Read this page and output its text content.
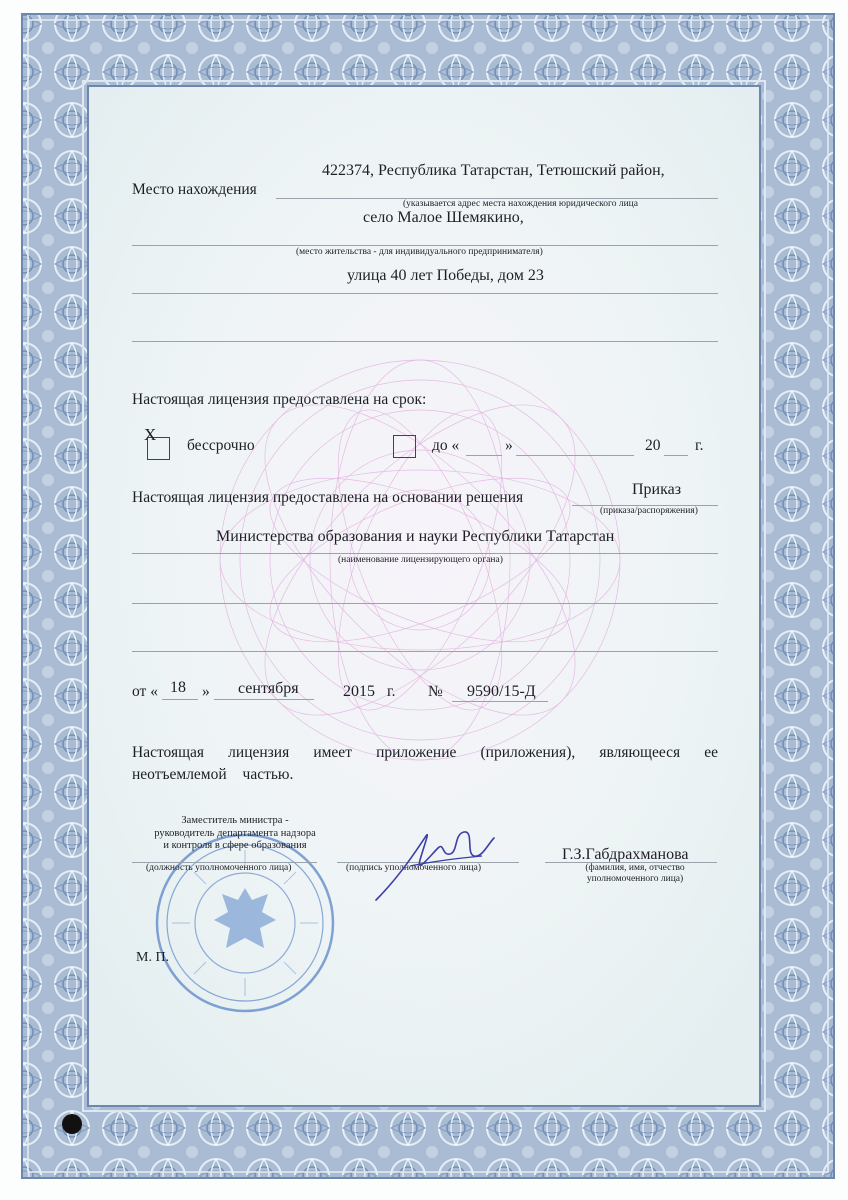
Место нахождения
422374, Республика Татарстан, Тетюшский район,
(указывается адрес места нахождения юридического лица
село Малое Шемякино,
(место жительства - для индивидуального предпринимателя)
улица 40 лет Победы, дом 23
Настоящая лицензия предоставлена на срок:
X
бессрочно	до «	»	20 г.
Настоящая лицензия предоставлена на основании решения	Приказ
(приказа/распоряжения)
Министерства образования и науки Республики Татарстан
(наименование лицензирующего органа)
от « 18 » сентября	2015 г. № 9590/15-Д
Настоящая лицензия имеет приложение (приложения), являющееся ее
неотъемлемой частью.
Заместитель министра -
руководитель департамента надзора
и контроля в сфере образования
(должность уполномоченного лица)	(подпись уполномоченного лица)
Г.З.Габдрахманова
(фамилия, имя, отчество
уполномоченного лица)
М. П.
